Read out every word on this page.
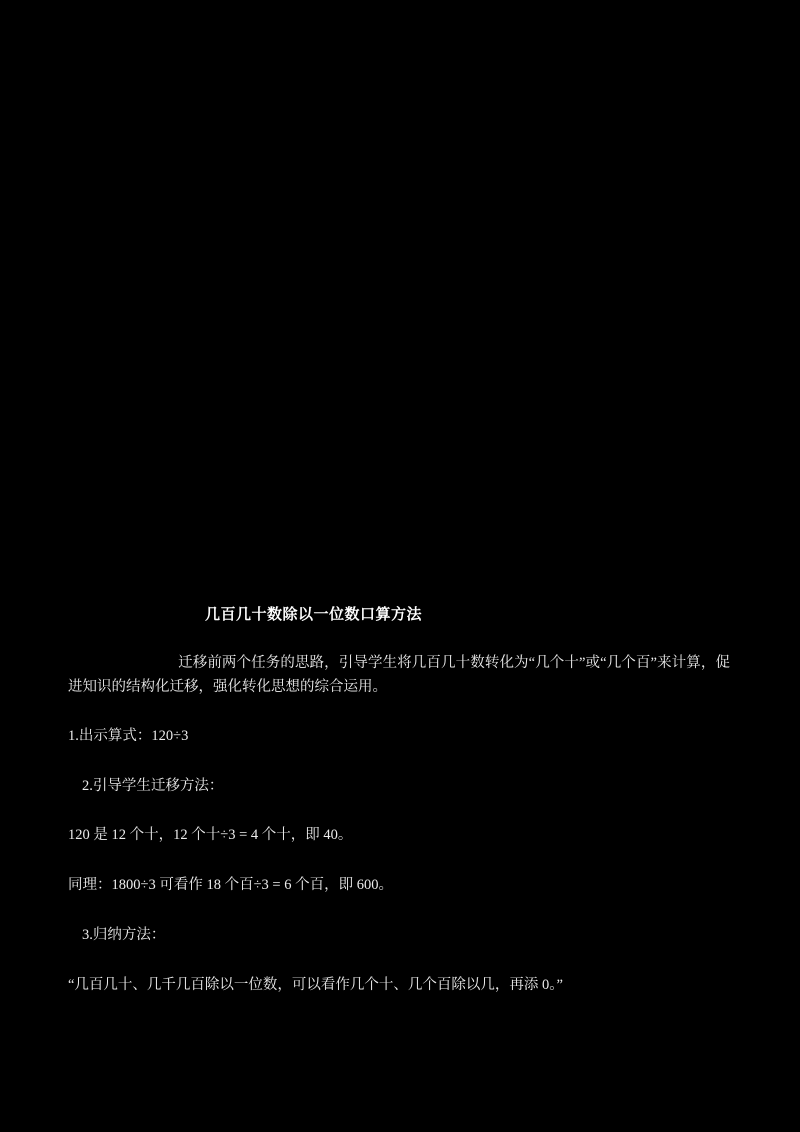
几百几十数除以一位数口算方法

迁移前两个任务的思路，引导学生将几百几十数转化为“几个十”或“几个百”来计算，促进知识的结构化迁移，强化转化思想的综合运用。

1.出示算式：120÷3

2.引导学生迁移方法：

120 是 12 个十，12 个十÷3 = 4 个十，即 40。

同理：1800÷3 可看作 18 个百÷3 = 6 个百，即 600。

3.归纳方法：

“几百几十、几千几百除以一位数，可以看作几个十、几个百除以几，再添 0。”
